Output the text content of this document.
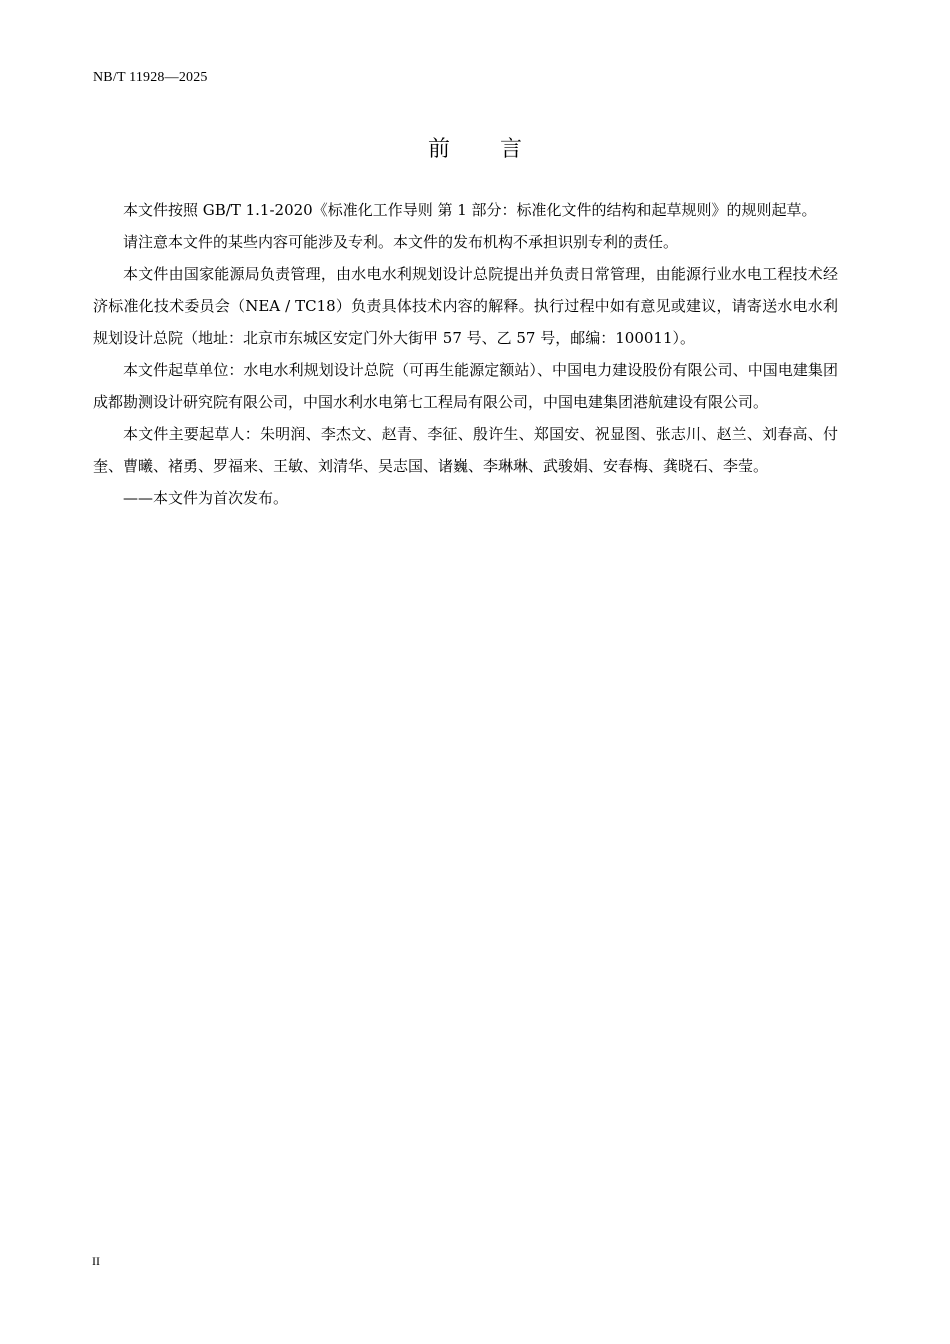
NB/T 11928—2025
前言

本文件按照 GB/T 1.1-2020《标准化工作导则 第 1 部分：标准化文件的结构和起草规则》的规则起草。

请注意本文件的某些内容可能涉及专利。本文件的发布机构不承担识别专利的责任。

本文件由国家能源局负责管理，由水电水利规划设计总院提出并负责日常管理，由能源行业水电工程技术经济标准化技术委员会（NEA / TC18）负责具体技术内容的解释。执行过程中如有意见或建议，请寄送水电水利规划设计总院（地址：北京市东城区安定门外大街甲 57 号、乙 57 号，邮编：100011）。

本文件起草单位：水电水利规划设计总院（可再生能源定额站）、中国电力建设股份有限公司、中国电建集团成都勘测设计研究院有限公司，中国水利水电第七工程局有限公司，中国电建集团港航建设有限公司。

本文件主要起草人：朱明润、李杰文、赵青、李征、殷许生、郑国安、祝显图、张志川、赵兰、刘春高、付奎、曹曦、褚勇、罗福来、王敏、刘清华、吴志国、诸巍、李琳琳、武骏娟、安春梅、龚晓石、李莹。

——本文件为首次发布。

II
